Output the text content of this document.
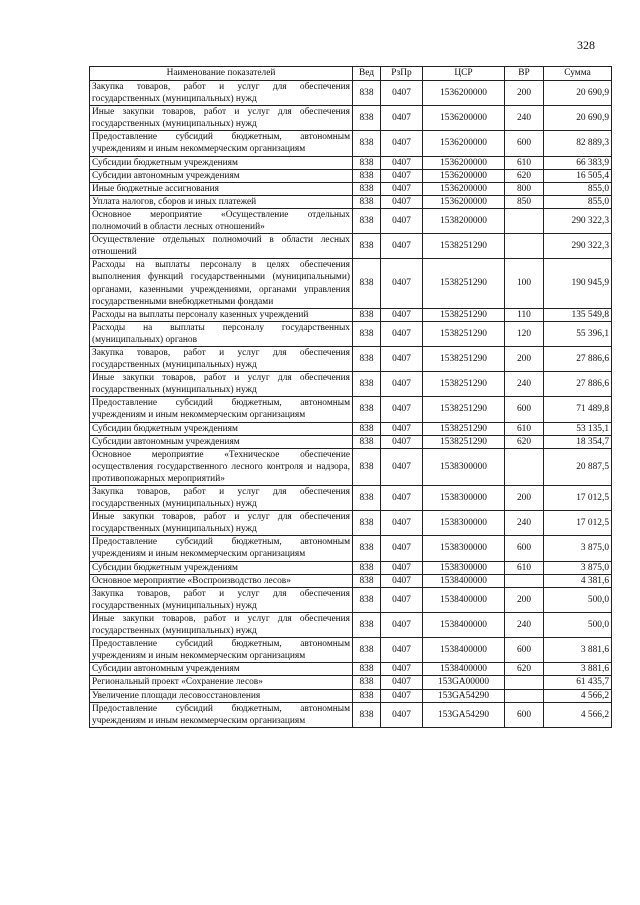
328
Наименование показателей	Вед	РзПр	ЦСР	ВР	Сумма
Закупка товаров, работ и услуг для обеспечения государственных (муниципальных) нужд	838	0407	1536200000	200	20 690,9
Иные закупки товаров, работ и услуг для обеспечения государственных (муниципальных) нужд	838	0407	1536200000	240	20 690,9
Предоставление субсидий бюджетным, автономным учреждениям и иным некоммерческим организациям	838	0407	1536200000	600	82 889,3
Субсидии бюджетным учреждениям	838	0407	1536200000	610	66 383,9
Субсидии автономным учреждениям	838	0407	1536200000	620	16 505,4
Иные бюджетные ассигнования	838	0407	1536200000	800	855,0
Уплата налогов, сборов и иных платежей	838	0407	1536200000	850	855,0
Основное мероприятие «Осуществление отдельных полномочий в области лесных отношений»	838	0407	1538200000		290 322,3
Осуществление отдельных полномочий в области лесных отношений	838	0407	1538251290		290 322,3
Расходы на выплаты персоналу в целях обеспечения выполнения функций государственными (муниципальными) органами, казенными учреждениями, органами управления государственными внебюджетными фондами	838	0407	1538251290	100	190 945,9
Расходы на выплаты персоналу казенных учреждений	838	0407	1538251290	110	135 549,8
Расходы на выплаты персоналу государственных (муниципальных) органов	838	0407	1538251290	120	55 396,1
Закупка товаров, работ и услуг для обеспечения государственных (муниципальных) нужд	838	0407	1538251290	200	27 886,6
Иные закупки товаров, работ и услуг для обеспечения государственных (муниципальных) нужд	838	0407	1538251290	240	27 886,6
Предоставление субсидий бюджетным, автономным учреждениям и иным некоммерческим организациям	838	0407	1538251290	600	71 489,8
Субсидии бюджетным учреждениям	838	0407	1538251290	610	53 135,1
Субсидии автономным учреждениям	838	0407	1538251290	620	18 354,7
Основное мероприятие «Техническое обеспечение осуществления государственного лесного контроля и надзора, противопожарных мероприятий»	838	0407	1538300000		20 887,5
Закупка товаров, работ и услуг для обеспечения государственных (муниципальных) нужд	838	0407	1538300000	200	17 012,5
Иные закупки товаров, работ и услуг для обеспечения государственных (муниципальных) нужд	838	0407	1538300000	240	17 012,5
Предоставление субсидий бюджетным, автономным учреждениям и иным некоммерческим организациям	838	0407	1538300000	600	3 875,0
Субсидии бюджетным учреждениям	838	0407	1538300000	610	3 875,0
Основное мероприятие «Воспроизводство лесов»	838	0407	1538400000		4 381,6
Закупка товаров, работ и услуг для обеспечения государственных (муниципальных) нужд	838	0407	1538400000	200	500,0
Иные закупки товаров, работ и услуг для обеспечения государственных (муниципальных) нужд	838	0407	1538400000	240	500,0
Предоставление субсидий бюджетным, автономным учреждениям и иным некоммерческим организациям	838	0407	1538400000	600	3 881,6
Субсидии автономным учреждениям	838	0407	1538400000	620	3 881,6
Региональный проект «Сохранение лесов»	838	0407	153GA00000		61 435,7
Увеличение площади лесовосстановления	838	0407	153GA54290		4 566,2
Предоставление субсидий бюджетным, автономным учреждениям и иным некоммерческим организациям	838	0407	153GA54290	600	4 566,2
